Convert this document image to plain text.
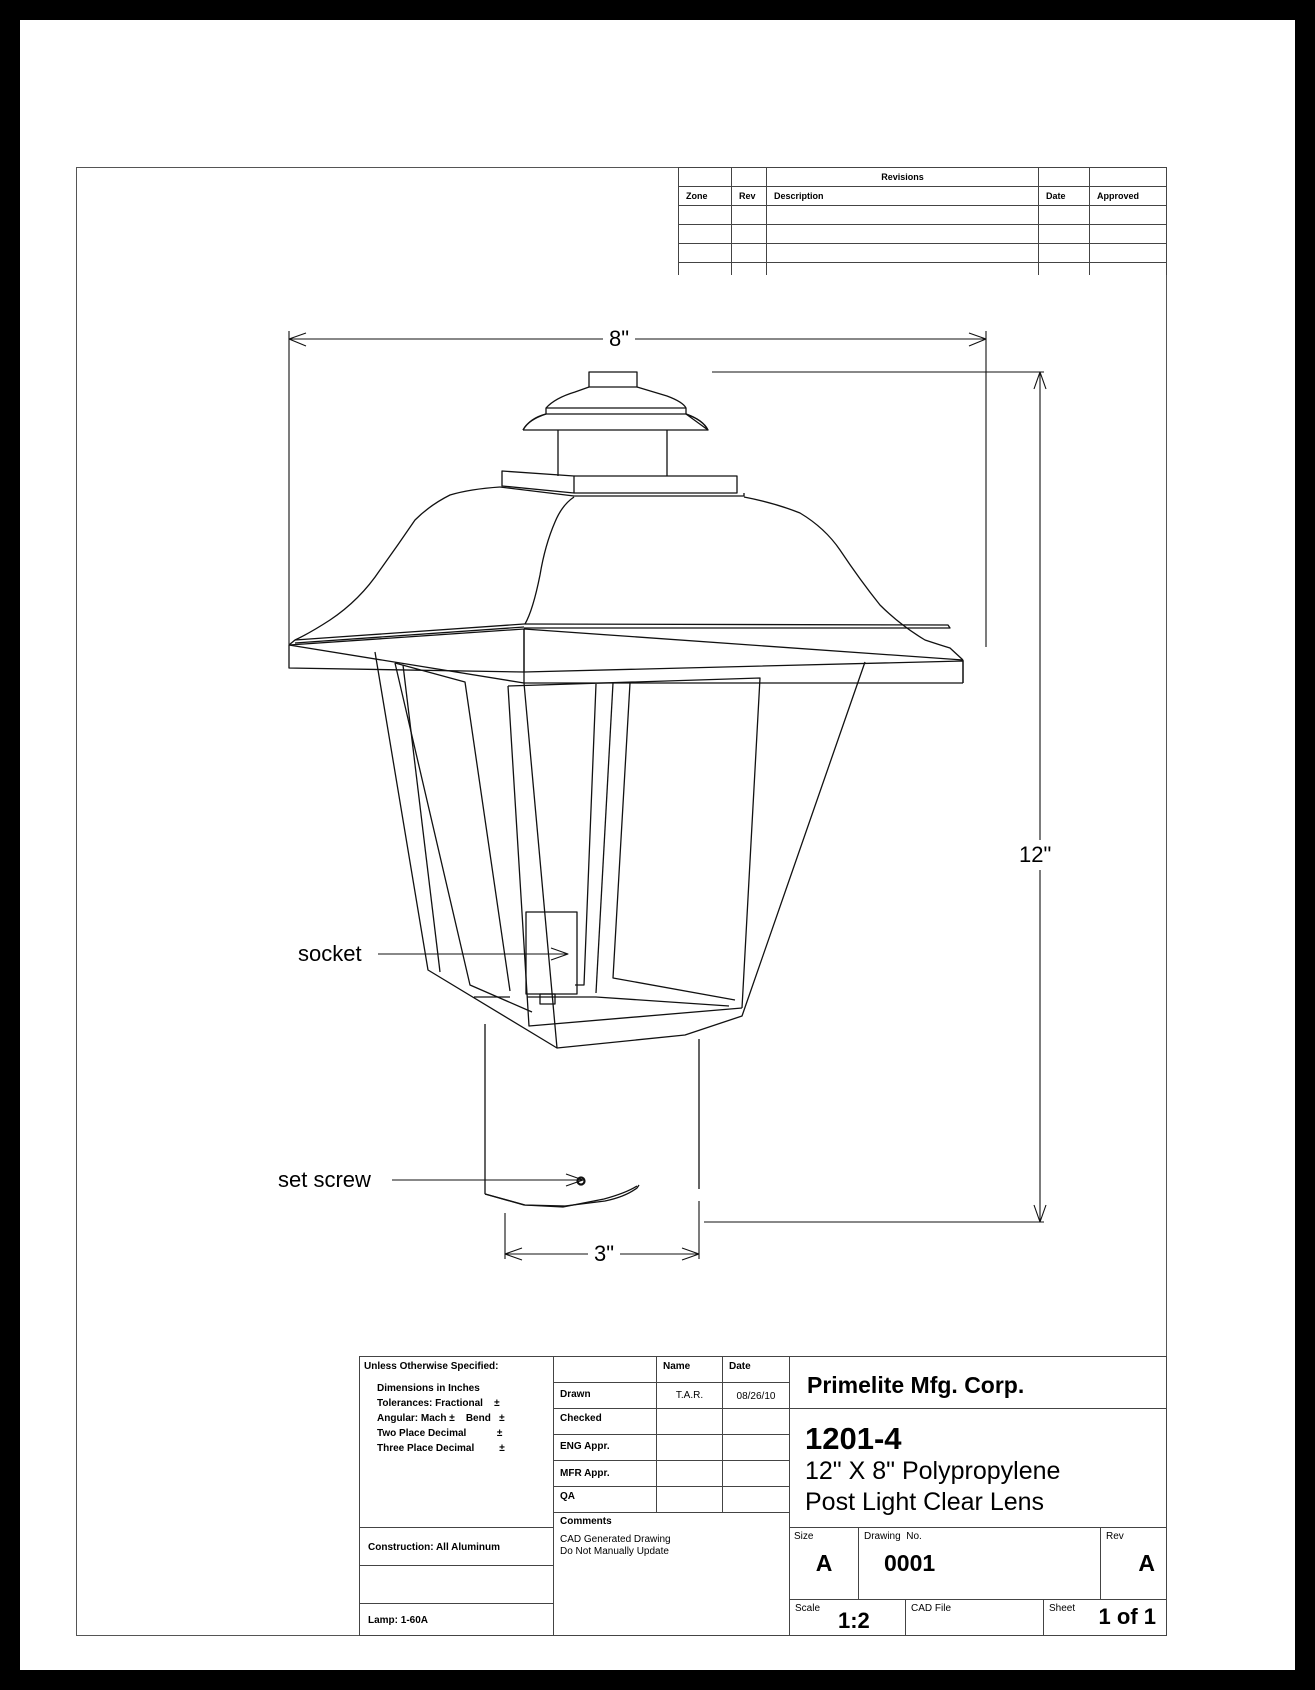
		Revisions		
Zone	Rev	Description	Date	Approved

8"
12"
3"
socket
set screw
Unless Otherwise Specified:
Dimensions in Inches
Tolerances: Fractional    ±
Angular: Mach ±    Bend   ±
Two Place Decimal           ±
Three Place Decimal         ±
Construction: All Aluminum
Lamp: 1-60A
Name	Date
Drawn	T.A.R.	08/26/10
Checked
ENG Appr.
MFR Appr.
QA
Comments
CAD Generated Drawing
Do Not Manually Update
Primelite Mfg. Corp.
1201-4
12" X 8" Polypropylene
Post Light Clear Lens
Size
A
Drawing  No.
0001
Rev
A
Scale 1:2	CAD File	Sheet 1 of 1
